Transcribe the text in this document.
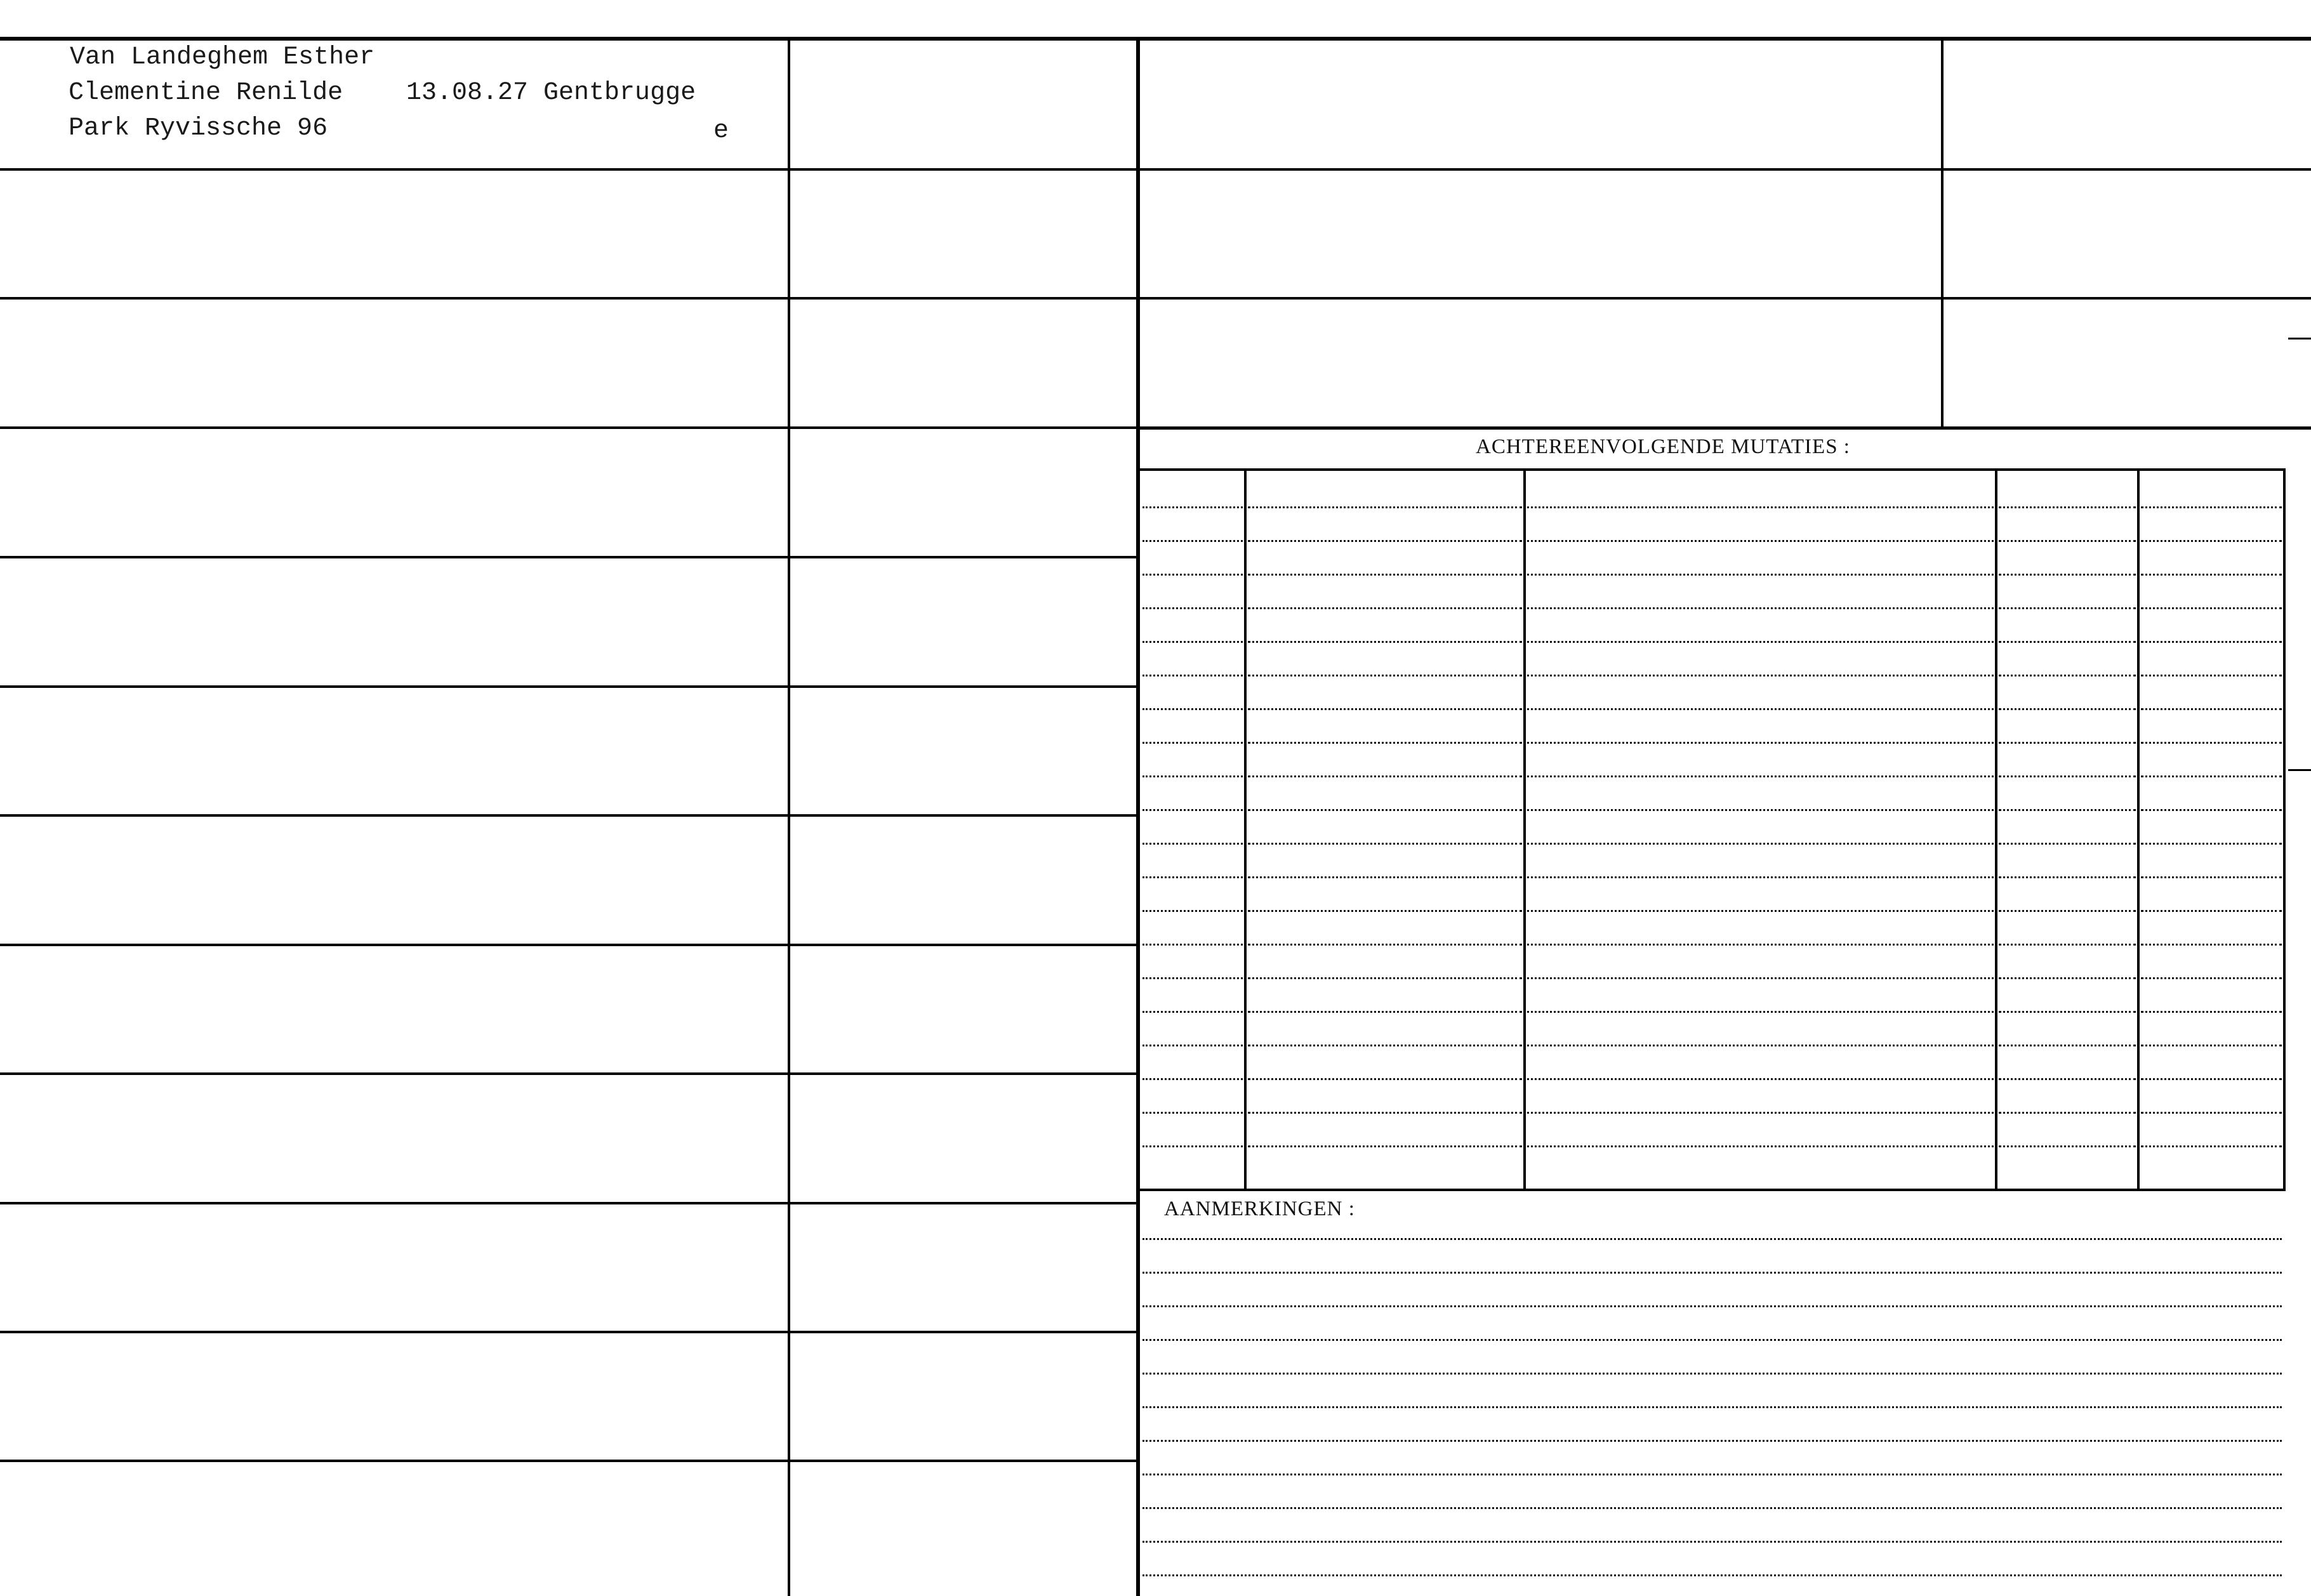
Van Landeghem Esther
Clementine Renilde 13.08.27 Gentbrugge
Park Ryvissche 96	e
ACHTEREENVOLGENDE MUTATIES :
AANMERKINGEN :
